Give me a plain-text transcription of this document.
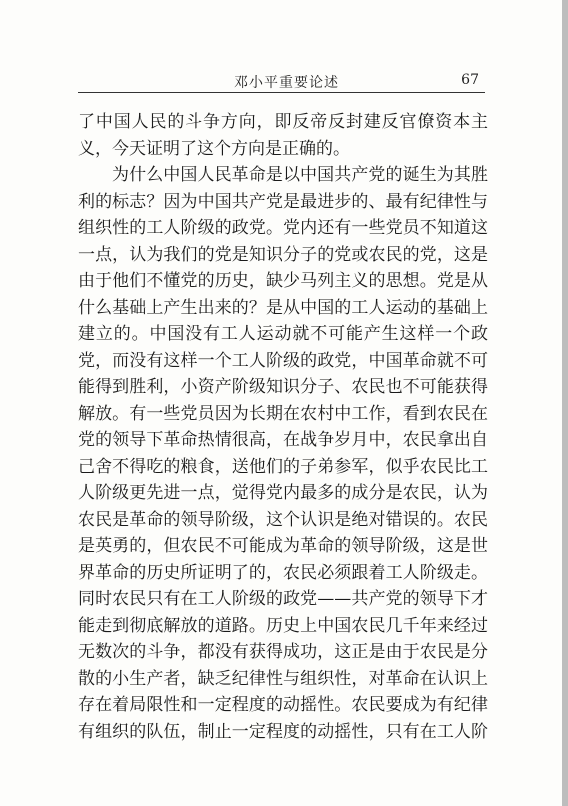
邓小平重要论述	67
了中国人民的斗争方向，即反帝反封建反官僚资本主
义，今天证明了这个方向是正确的。
为什么中国人民革命是以中国共产党的诞生为其胜
利的标志？因为中国共产党是最进步的、最有纪律性与
组织性的工人阶级的政党。党内还有一些党员不知道这
一点，认为我们的党是知识分子的党或农民的党，这是
由于他们不懂党的历史，缺少马列主义的思想。党是从
什么基础上产生出来的？是从中国的工人运动的基础上
建立的。中国没有工人运动就不可能产生这样一个政
党，而没有这样一个工人阶级的政党，中国革命就不可
能得到胜利，小资产阶级知识分子、农民也不可能获得
解放。有一些党员因为长期在农村中工作，看到农民在
党的领导下革命热情很高，在战争岁月中，农民拿出自
己舍不得吃的粮食，送他们的子弟参军，似乎农民比工
人阶级更先进一点，觉得党内最多的成分是农民，认为
农民是革命的领导阶级，这个认识是绝对错误的。农民
是英勇的，但农民不可能成为革命的领导阶级，这是世
界革命的历史所证明了的，农民必须跟着工人阶级走。
同时农民只有在工人阶级的政党——共产党的领导下才
能走到彻底解放的道路。历史上中国农民几千年来经过
无数次的斗争，都没有获得成功，这正是由于农民是分
散的小生产者，缺乏纪律性与组织性，对革命在认识上
存在着局限性和一定程度的动摇性。农民要成为有纪律
有组织的队伍，制止一定程度的动摇性，只有在工人阶
